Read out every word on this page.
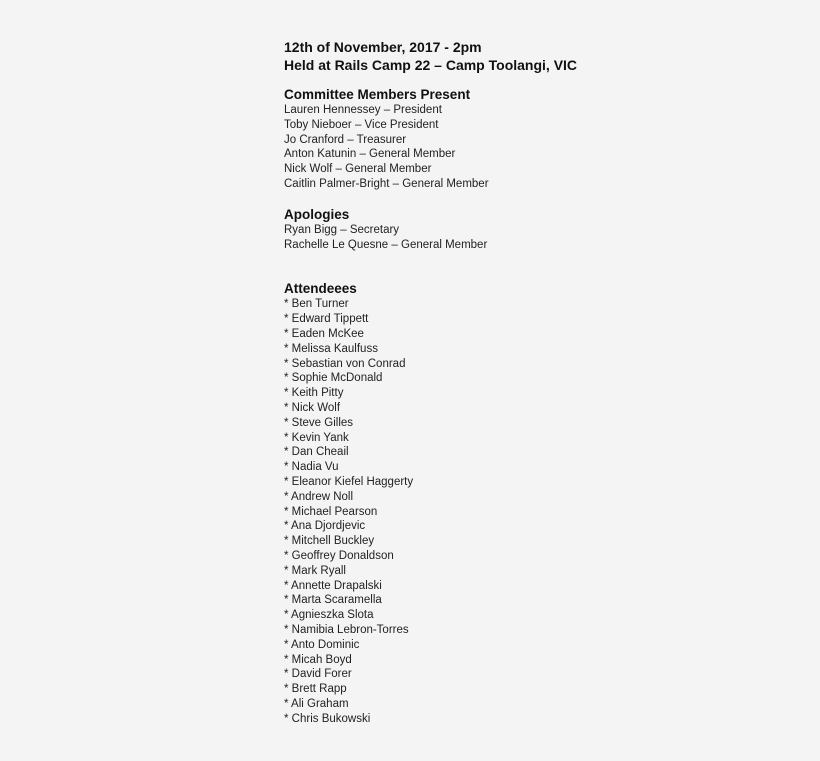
12th of November, 2017 - 2pm

Held at Rails Camp 22 – Camp Toolangi, VIC

Committee Members Present

Lauren Hennessey – President
Toby Nieboer – Vice President
Jo Cranford – Treasurer
Anton Katunin – General Member
Nick Wolf – General Member
Caitlin Palmer-Bright – General Member

Apologies

Ryan Bigg – Secretary
Rachelle Le Quesne – General Member

Attendeees

* Ben Turner
* Edward Tippett
* Eaden McKee
* Melissa Kaulfuss
* Sebastian von Conrad
* Sophie McDonald
* Keith Pitty
* Nick Wolf
* Steve Gilles
* Kevin Yank
* Dan Cheail
* Nadia Vu
* Eleanor Kiefel Haggerty
* Andrew Noll
* Michael Pearson
* Ana Djordjevic
* Mitchell Buckley
* Geoffrey Donaldson
* Mark Ryall
* Annette Drapalski
* Marta Scaramella
* Agnieszka Slota
* Namibia Lebron-Torres
* Anto Dominic
* Micah Boyd
* David Forer
* Brett Rapp
* Ali Graham
* Chris Bukowski
